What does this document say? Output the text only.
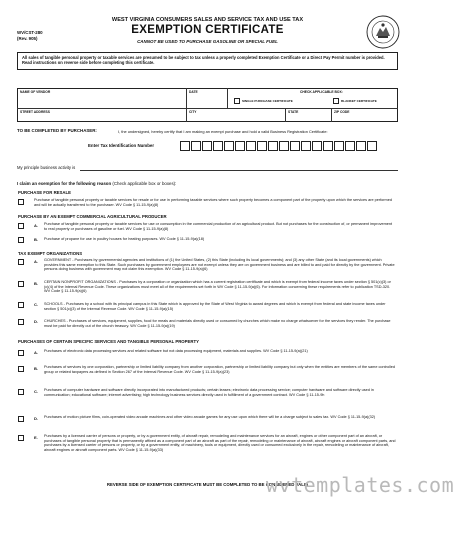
WV/CST-280
(Rev. 905)
WEST VIRGINIA CONSUMERS SALES AND SERVICE TAX AND USE TAX
EXEMPTION CERTIFICATE
CANNOT BE USED TO PURCHASE GASOLINE OR SPECIAL FUEL
All sales of tangible personal property or taxable services are presumed to be subject to tax unless a properly completed Exemption Certificate or a Direct Pay Permit number is provided. Read instructions on reverse side before completing this certificate.
NAME OF VENDOR	DATE	CHECK APPLICABLE BOX:
SINGLE PURCHASE CERTIFICATE	BLANKET CERTIFICATE
STREET ADDRESS	CITY	STATE	ZIP CODE
TO BE COMPLETED BY PURCHASER:	I, the undersigned, hereby certify that I am making an exempt purchase and hold a valid Business Registration Certificate:
Enter Tax Identification Number
My principle business activity is
I claim an exemption for the following reason (Check applicable box or boxes):
PURCHASE FOR RESALE
Purchase of tangible personal property or taxable services for resale or for use in performing taxable services where such property becomes a component part of the property upon which the services are performed and will be actually transferred to the purchaser. WV Code § 11-15-9(a)(8)
PURCHASE BY AN EXEMPT COMMERCIAL AGRICULTURAL PRODUCER
A. Purchase of tangible personal property or taxable services for use or consumption in the commercial production of an agricultural product. But not purchases for the construction of, or permanent improvement to real property or purchases of gasoline or fuel. WV Code § 11-15-9(a)(8)
B. Purchase of propane for use in poultry houses for heating purposes. WV Code § 11-15-9(a)(18)
TAX EXEMPT ORGANIZATIONS
A. GOVERNMENT - Purchases by governmental agencies and institutions of (1) the United States, (2) this State (including its local governments); and (3) any other State (and its local governments) which provides this same exemption to this State. Such purchases by government employees are not exempt unless they are on government business and are billed to and paid for directly by the government. Private persons doing business with government may not claim this exemption. WV Code § 11-15-9(a)(6)
B. CERTAIN NONPROFIT ORGANIZATIONS - Purchases by a corporation or organization which has a current registration certificate and which is exempt from federal income taxes under section § 501(c)(3) or (c)(4) of the Internal Revenue Code. These organizations must meet all of the requirements set forth in WV Code § 11-15-9(a)(6). For information concerning these requirements refer to publication TSD-320. WV Code § 11-15-9(a)(6)
C. SCHOOLS - Purchases by a school with its principal campus in this State which is approved by the State of West Virginia to award degrees and which is exempt from federal and state income taxes under section § 501(c)(3) of the Internal Revenue Code. WV Code § 11-15-9(a)(15)
D. CHURCHES - Purchases of services, equipment, supplies, food for meals and materials directly used or consumed by churches which make no charge whatsoever for the services they render. The purchase must be paid for directly out of the church treasury. WV Code § 11-15-9(a)(19)
PURCHASES OF CERTAIN SPECIFIC SERVICES AND TANGIBLE PERSONAL PROPERTY
A. Purchases of electronic data processing services and related software but not data processing equipment, materials and supplies. WV Code § 11-15-9(a)(21)
B. Purchases of services by one corporation, partnership or limited liability company from another corporation, partnership or limited liability company but only when the entities are members of the same controlled group or related taxpayers as defined in Section 267 of the Internal Revenue Code. WV Code § 11-15-9(a)(23)
C. Purchases of computer hardware and software directly incorporated into manufactured products; certain leases; electronic data processing service; computer hardware and software directly used in communication; educational software; internet advertising; high technology business services directly used in fulfillment of a government contract. WV Code § 11-15-9h
D. Purchases of motion picture films, coin-operated video arcade machines and other video arcade games for any use upon which there will be a charge subject to sales tax. WV Code § 11-15-9(a)(32)
E. Purchases by a licensed carrier of persons or property, or by a government entity, of aircraft repair, remodeling and maintenance services for an aircraft, engines or other component part of an aircraft, or purchases of tangible personal property that is permanently affixed as a component part of an aircraft as part of the repair, remodeling or maintenance of aircraft, aircraft engines or aircraft component parts, and purchases by a licensed carrier of persons or property, or by a government entity, of machinery, tools or equipment, directly used or consumed exclusively in the repair, remodeling or maintenance of aircraft, aircraft engines or aircraft component parts. WV Code § 11-15-9(a)(33)
REVERSE SIDE OF EXEMPTION CERTIFICATE MUST BE COMPLETED TO BE CONSIDERED VALID
wvtemplates.com
